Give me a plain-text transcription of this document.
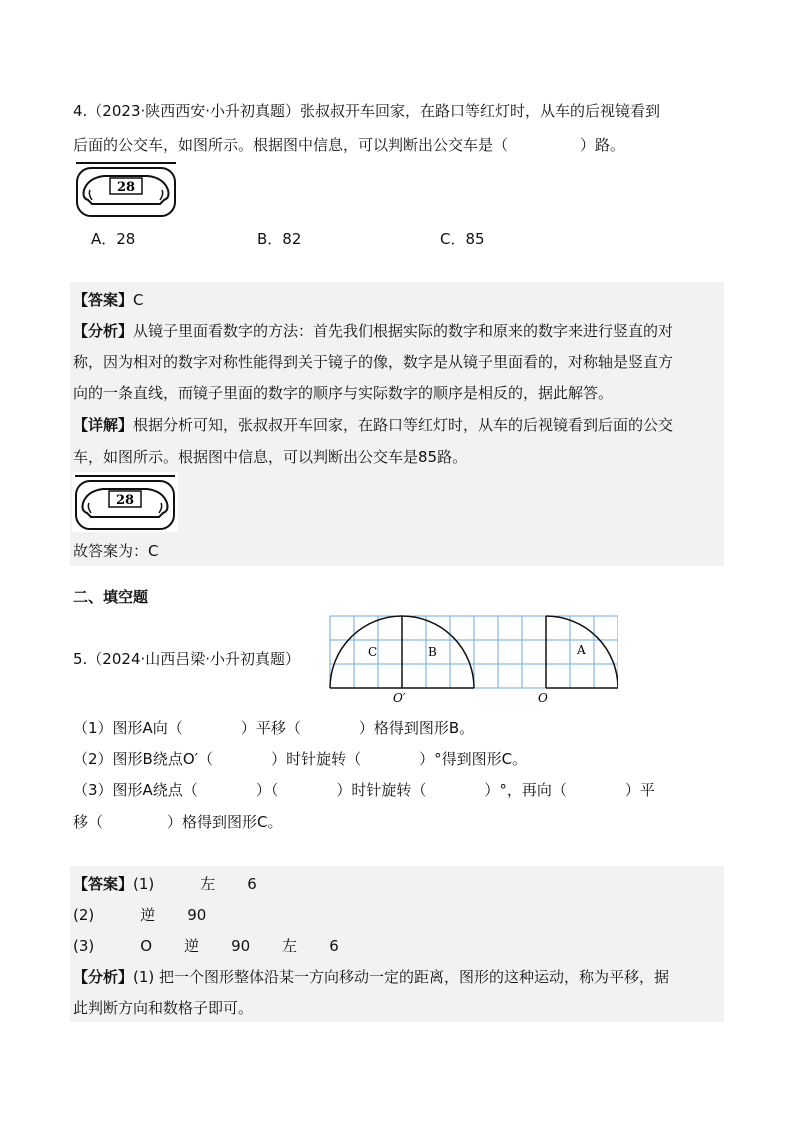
4.（2023·陕西西安·小升初真题）张叔叔开车回家，在路口等红灯时，从车的后视镜看到
后面的公交车，如图所示。根据图中信息，可以判断出公交车是（	）路。
28
A．28	B．82	C．85
【答案】C
【分析】从镜子里面看数字的方法：首先我们根据实际的数字和原来的数字来进行竖直的对
称，因为相对的数字对称性能得到关于镜子的像，数字是从镜子里面看的，对称轴是竖直方
向的一条直线，而镜子里面的数字的顺序与实际数字的顺序是相反的，据此解答。
【详解】根据分析可知，张叔叔开车回家，在路口等红灯时，从车的后视镜看到后面的公交
车，如图所示。根据图中信息，可以判断出公交车是85路。
28
故答案为：C
二、填空题
5.（2024·山西吕梁·小升初真题）	C	B	A
O′	O
（1）图形A向（	）平移（	）格得到图形B。
（2）图形B绕点O′（	）时针旋转（	）°得到图形C。
（3）图形A绕点（	）（	）时针旋转（	）°，再向（	）平
移（	）格得到图形C。
【答案】(1)	左 6
(2)	逆 90
(3)	O 逆 90 左 6
【分析】(1) 把一个图形整体沿某一方向移动一定的距离，图形的这种运动，称为平移，据
此判断方向和数格子即可。
